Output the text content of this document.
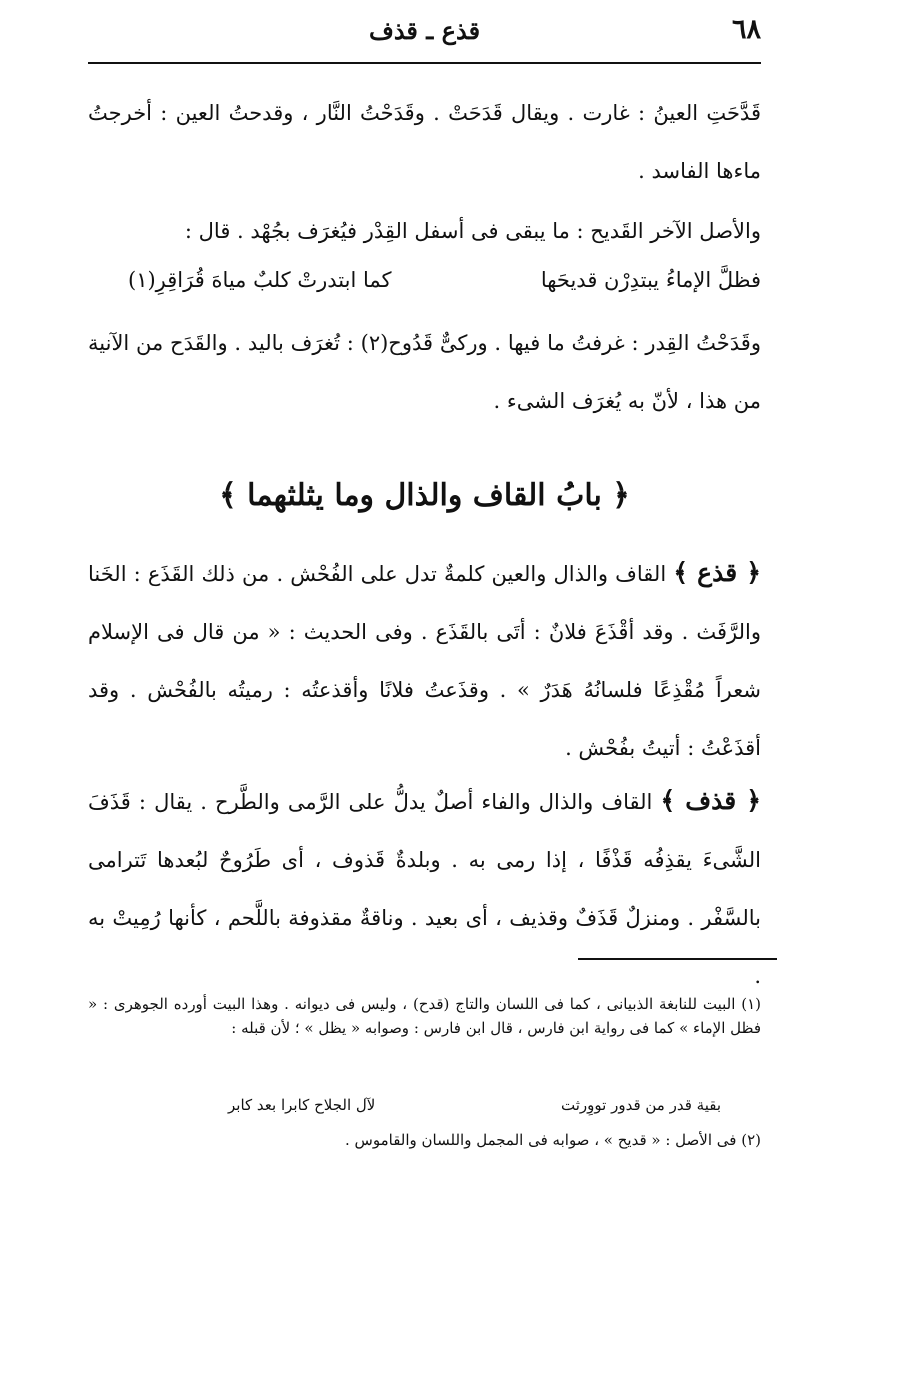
٦٨
قذع ـ قذف

قَدَّحَتِ العينُ : غارت . ويقال قَدَحَتْ . وقَدَحْتُ النَّار ، وقدحتُ العين : أخرجتُ ماءها الفاسد .

والأصل الآخر القَديح : ما يبقى فى أسفل القِدْر فيُغرَف بجُهْد . قال :

فظلَّ الإماءُ يبتدِرْن قديحَها
كما ابتدرتْ كلبٌ مياهَ قُرَاقِرِ(١)

وقَدَحْتُ القِدر : غرفتُ ما فيها . وركىٌّ قَدُوح(٢) : تُغرَف باليد . والقَدَح من الآنية من هذا ، لأنّ به يُغرَف الشىء .

﴿ بابُ القاف والذال وما يثلثهما ﴾

﴿ قذع ﴾ القاف والذال والعين كلمةٌ تدل على الفُحْش . من ذلك القَذَع : الخَنا والرَّفَث . وقد أقْذَعَ فلانٌ : أتَى بالقَذَع . وفى الحديث : « من قال فى الإسلام شعراً مُقْذِعًا فلسانُهُ هَدَرٌ » . وقذَعتُ فلانًا وأقذعتُه : رميتُه بالفُحْش . وقد أقذَعْتُ : أتيتُ بفُحْش .

﴿ قذف ﴾ القاف والذال والفاء أصلٌ يدلُّ على الرَّمى والطَّرح . يقال : قَذَفَ الشَّىءَ يقذِفُه قَذْفًا ، إذا رمى به . وبلدةٌ قَذوف ، أى طَرُوحٌ لبُعدها تَترامى بالسَّفْر . ومنزلٌ قَذَفٌ وقذيف ، أى بعيد . وناقةٌ مقذوفة باللَّحم ، كأنها رُمِيتْ به .

(١) البيت للنابغة الذبيانى ، كما فى اللسان والتاج (قدح) ، وليس فى ديوانه . وهذا البيت أورده الجوهرى : « فظل الإماء » كما فى رواية ابن فارس ، قال ابن فارس : وصوابه « يظل » ؛ لأن قبله :

بقية قدر من قدور تووِرثت
لآل الجلاح كابرا بعد كابر
(٢) فى الأصل : « قديح » ، صوابه فى المجمل واللسان والقاموس .
